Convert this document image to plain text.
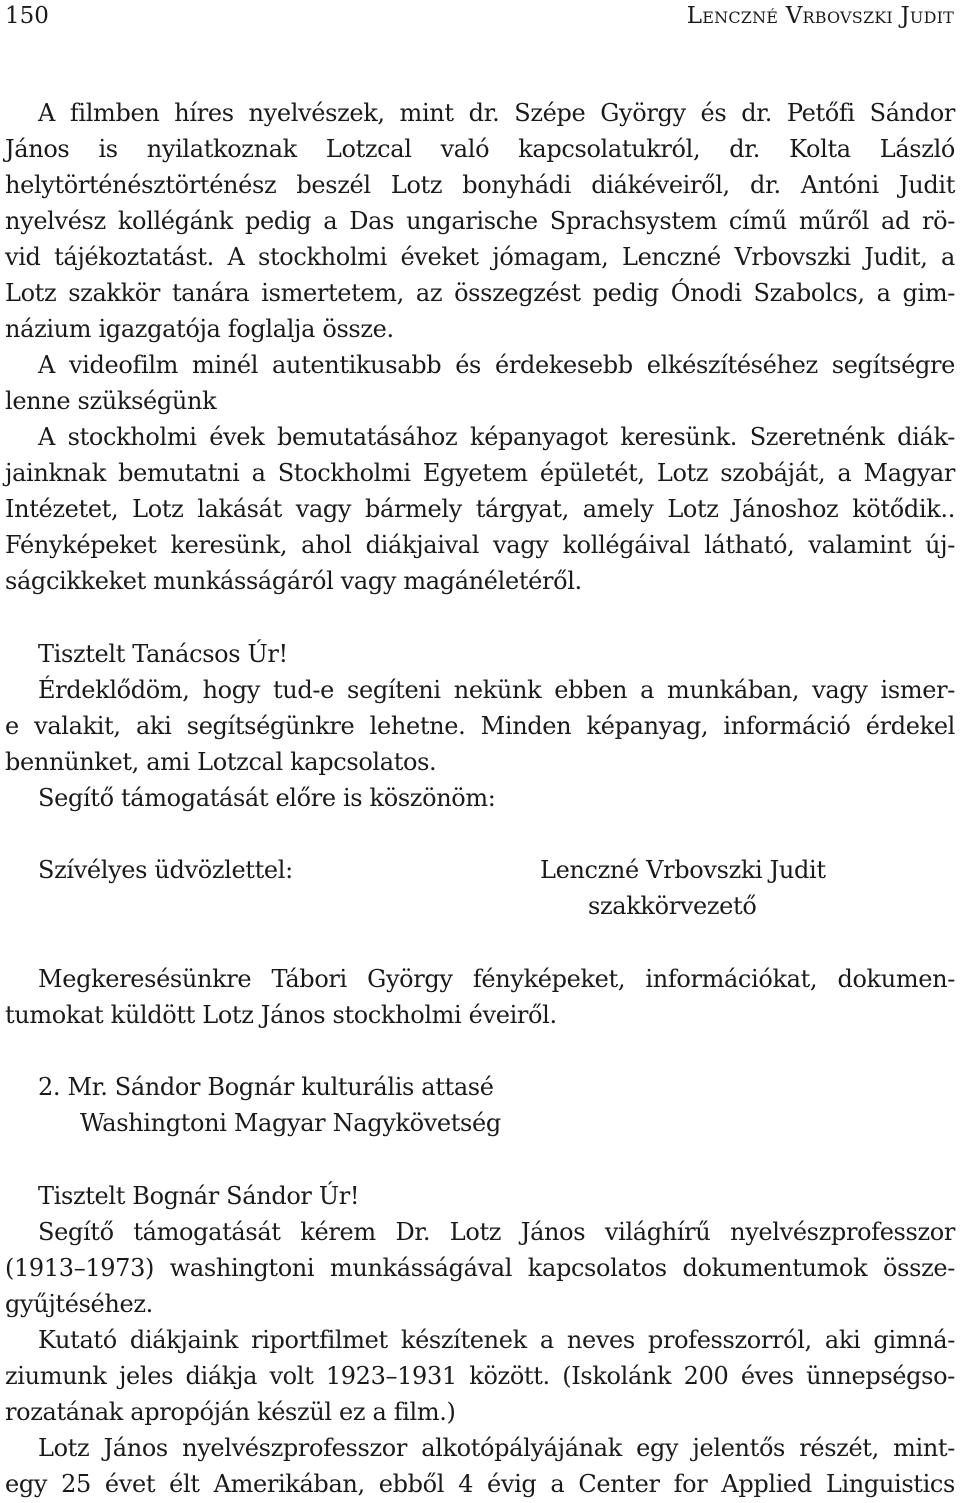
150	Lenczné Vrbovszki Judit
A filmben híres nyelvészek, mint dr. Szépe György és dr. Petőfi Sándor
János is nyilatkoznak Lotzcal való kapcsolatukról, dr. Kolta László
helytörténésztörténész beszél Lotz bonyhádi diákéveiről, dr. Antóni Judit
nyelvész kollégánk pedig a Das ungarische Sprachsystem című műről ad rö-
vid tájékoztatást. A stockholmi éveket jómagam, Lenczné Vrbovszki Judit, a
Lotz szakkör tanára ismertetem, az összegzést pedig Ónodi Szabolcs, a gim-
názium igazgatója foglalja össze.
A videofilm minél autentikusabb és érdekesebb elkészítéséhez segítségre
lenne szükségünk
A stockholmi évek bemutatásához képanyagot keresünk. Szeretnénk diák-
jainknak bemutatni a Stockholmi Egyetem épületét, Lotz szobáját, a Magyar
Intézetet, Lotz lakását vagy bármely tárgyat, amely Lotz Jánoshoz kötődik..
Fényképeket keresünk, ahol diákjaival vagy kollégáival látható, valamint új-
ságcikkeket munkásságáról vagy magánéletéről.
Tisztelt Tanácsos Úr!
Érdeklődöm, hogy tud-e segíteni nekünk ebben a munkában, vagy ismer-
e valakit, aki segítségünkre lehetne. Minden képanyag, információ érdekel
bennünket, ami Lotzcal kapcsolatos.
Segítő támogatását előre is köszönöm:
Szívélyes üdvözlettel:	Lenczné Vrbovszki Judit
szakkörvezető
Megkeresésünkre Tábori György fényképeket, információkat, dokumen-
tumokat küldött Lotz János stockholmi éveiről.
2. Mr. Sándor Bognár kulturális attasé
Washingtoni Magyar Nagykövetség
Tisztelt Bognár Sándor Úr!
Segítő támogatását kérem Dr. Lotz János világhírű nyelvészprofesszor
(1913–1973) washingtoni munkásságával kapcsolatos dokumentumok össze-
gyűjtéséhez.
Kutató diákjaink riportfilmet készítenek a neves professzorról, aki gimná-
ziumunk jeles diákja volt 1923–1931 között. (Iskolánk 200 éves ünnepségso-
rozatának apropóján készül ez a film.)
Lotz János nyelvészprofesszor alkotópályájának egy jelentős részét, mint-
egy 25 évet élt Amerikában, ebből 4 évig a Center for Applied Linguistics
